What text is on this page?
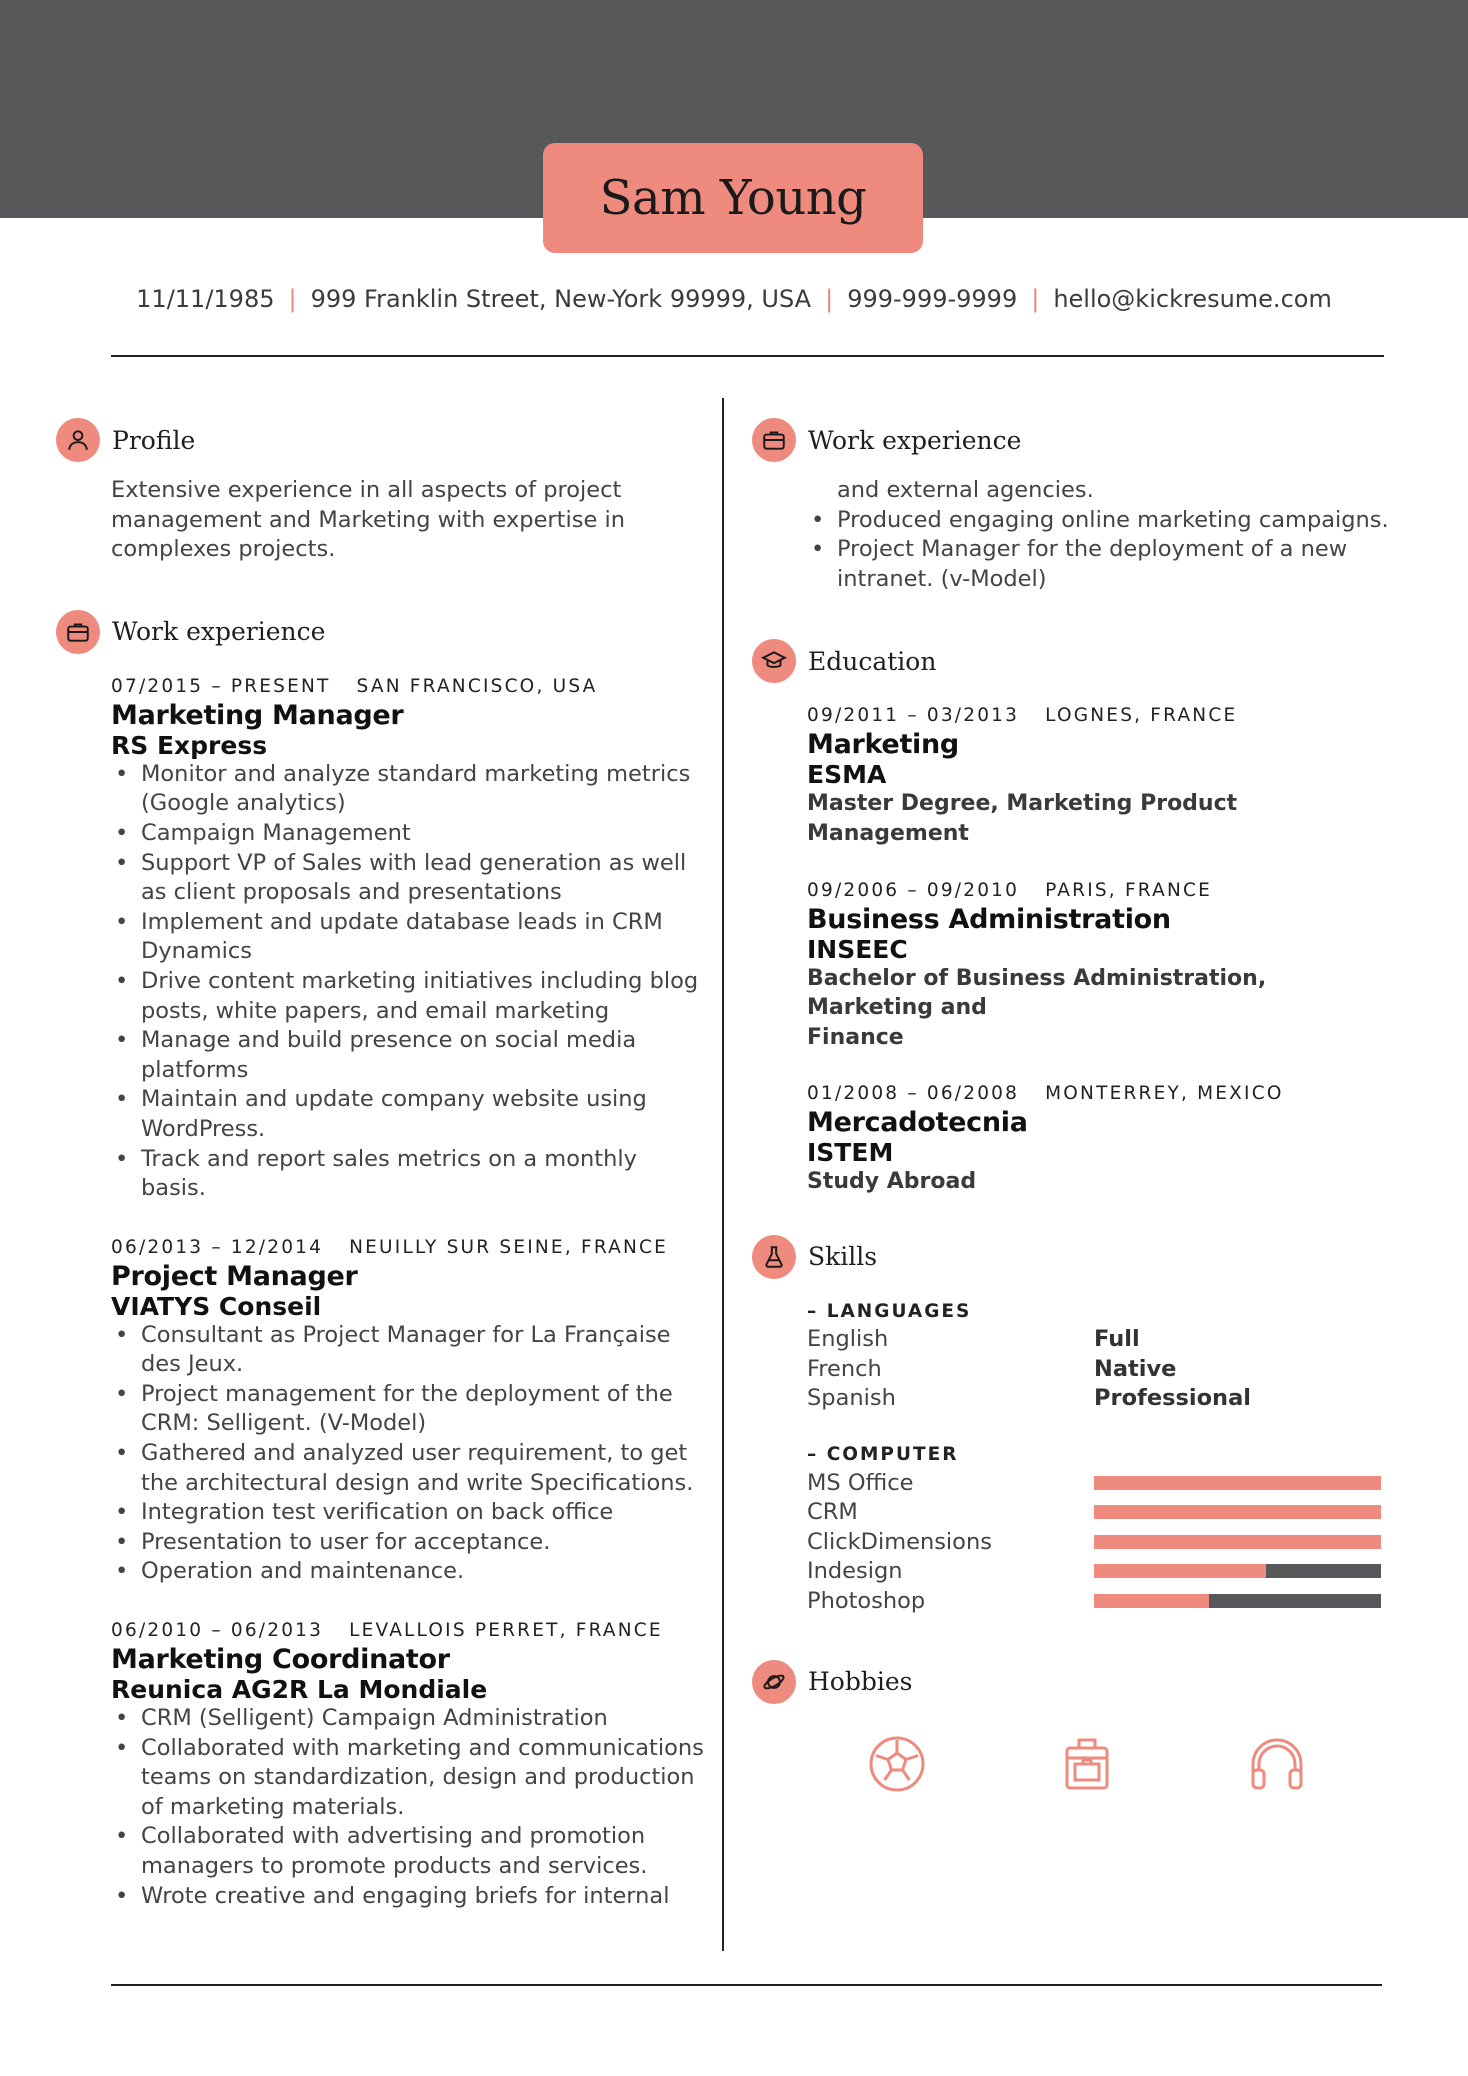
Sam Young
11/11/1985 | 999 Franklin Street, New-York 99999, USA | 999-999-9999 | hello@kickresume.com
Profile
Extensive experience in all aspects of project
management and Marketing with expertise in
complexes projects.
Work experience
07/2015 – PRESENT SAN FRANCISCO, USA
Marketing Manager
RS Express
• Monitor and analyze standard marketing metrics
(Google analytics)
• Campaign Management
• Support VP of Sales with lead generation as well
as client proposals and presentations
• Implement and update database leads in CRM
Dynamics
• Drive content marketing initiatives including blog
posts, white papers, and email marketing
• Manage and build presence on social media
platforms
• Maintain and update company website using
WordPress.
• Track and report sales metrics on a monthly
basis.
06/2013 – 12/2014 NEUILLY SUR SEINE, FRANCE
Project Manager
VIATYS Conseil
• Consultant as Project Manager for La Française
des Jeux.
• Project management for the deployment of the
CRM: Selligent. (V-Model)
• Gathered and analyzed user requirement, to get
the architectural design and write Specifications.
• Integration test verification on back office
• Presentation to user for acceptance.
• Operation and maintenance.
06/2010 – 06/2013 LEVALLOIS PERRET, FRANCE
Marketing Coordinator
Reunica AG2R La Mondiale
• CRM (Selligent) Campaign Administration
• Collaborated with marketing and communications
teams on standardization, design and production
of marketing materials.
• Collaborated with advertising and promotion
managers to promote products and services.
• Wrote creative and engaging briefs for internal
Work experience
and external agencies.
• Produced engaging online marketing campaigns.
• Project Manager for the deployment of a new
intranet. (v-Model)
Education
09/2011 – 03/2013 LOGNES, FRANCE
Marketing
ESMA
Master Degree, Marketing Product Management
09/2006 – 09/2010 PARIS, FRANCE
Business Administration
INSEEC
Bachelor of Business Administration, Marketing and
Finance
01/2008 – 06/2008 MONTERREY, MEXICO
Mercadotecnia
ISTEM
Study Abroad
Skills
– LANGUAGES
English	Full
French	Native
Spanish	Professional
– COMPUTER
MS Office
CRM
ClickDimensions
Indesign
Photoshop
Hobbies
